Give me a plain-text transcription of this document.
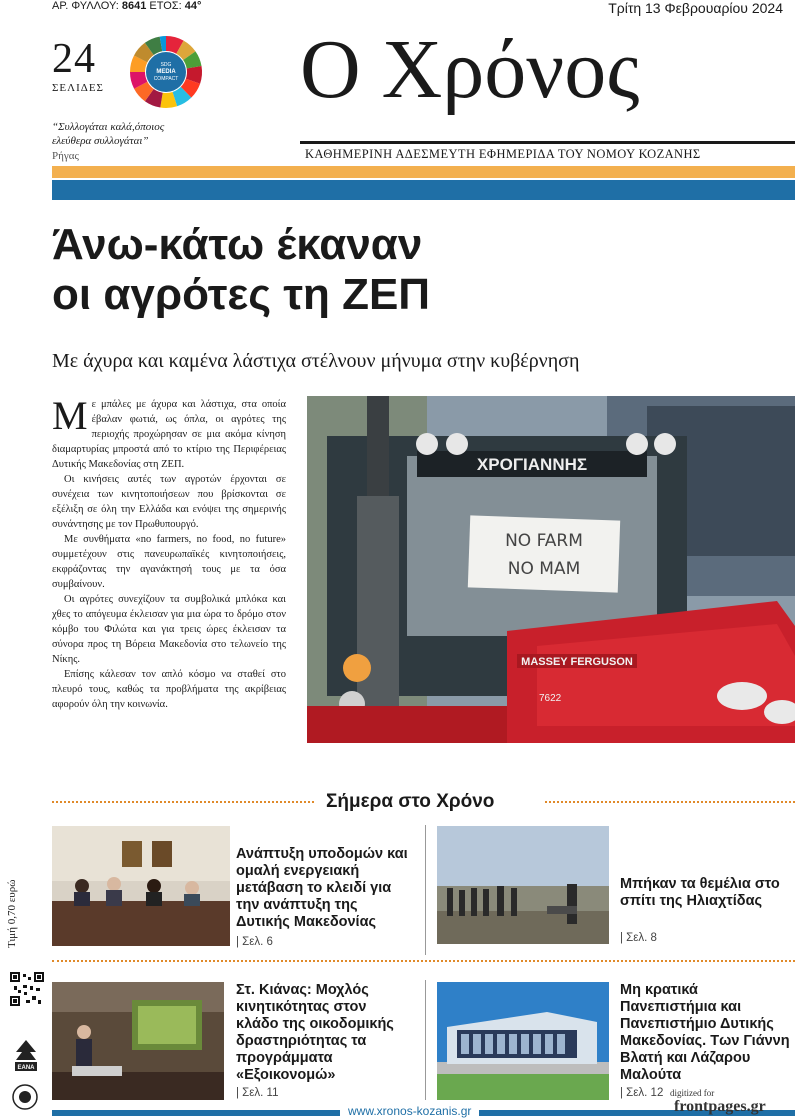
ΑΡ. ΦΥΛΛΟΥ: 8641 ΕΤΟΣ: 44°	Τρίτη 13 Φεβρουαρίου 2024
24
ΣΕΛΙΔΕΣ
SDG
MEDIA
COMPACT
“Συλλογάται καλά,όποιος ελεύθερα συλλογάται”
Ρήγας
Ο Χρόνος
ΚΑΘΗΜΕΡΙΝΗ ΑΔΕΣΜΕΥΤΗ ΕΦΗΜΕΡΙΔΑ ΤΟΥ ΝΟΜΟΥ ΚΟΖΑΝΗΣ
Άνω-κάτω έκαναν
οι αγρότες τη ΖΕΠ
Με άχυρα και καμένα λάστιχα στέλνουν μήνυμα στην κυβέρνηση

Με μπάλες με άχυρα και λάστιχα, στα οποία έβαλαν φωτιά, ως όπλα, οι αγρότες της περιοχής προχώρησαν σε μια ακόμα κίνηση διαμαρτυρίας μπροστά από το κτίριο της Περιφέρειας Δυτικής Μακεδονίας στη ΖΕΠ.

Οι κινήσεις αυτές των αγροτών έρχονται σε συνέχεια των κινητοποιήσεων που βρίσκονται σε εξέλιξη σε όλη την Ελλάδα και ενόψει της σημερινής συνάντησης με τον Πρωθυπουργό.

Με συνθήματα «no farmers, no food, no future» συμμετέχουν στις πανευρωπαϊκές κινητοποιήσεις, εκφράζοντας την αγανάκτησή τους με τα όσα συμβαίνουν.

Οι αγρότες συνεχίζουν τα συμβολικά μπλόκα και χθες το απόγευμα έκλεισαν για μια ώρα το δρόμο στον κόμβο του Φιλώτα και για τρεις ώρες έκλεισαν τα σύνορα προς τη Βόρεια Μακεδονία στο τελωνείο της Νίκης.

Επίσης κάλεσαν τον απλό κόσμο να σταθεί στο πλευρό τους, καθώς τα προβλήματα της ακρίβειας αφορούν όλη την κοινωνία.

ΧΡΟΓΙΑΝΝΗΣ
NO FARM
NO MAM
MASSEY FERGUSON
7622
Σήμερα στο Χρόνο
Ανάπτυξη υποδομών και ομαλή ενεργειακή μετάβαση το κλειδί για την ανάπτυξη της Δυτικής Μακεδονίας
| Σελ. 6
Μπήκαν τα θεμέλια στο σπίτι της Ηλιαχτίδας
| Σελ. 8
Στ. Κιάνας: Μοχλός κινητικότητας στον κλάδο της οικοδομικής δραστηριότητας τα προγράμματα «Εξοικονομώ»
| Σελ. 11
Μη κρατικά Πανεπιστήμια και Πανεπιστήμιο Δυτικής Μακεδονίας. Των Γιάννη Βλατή και Λάζαρου Μαλούτα
| Σελ. 12
Τιμή 0,70 ευρώ
ΕΑΝΑ
www.xronos-kozanis.gr
digitized for
frontpages.gr
